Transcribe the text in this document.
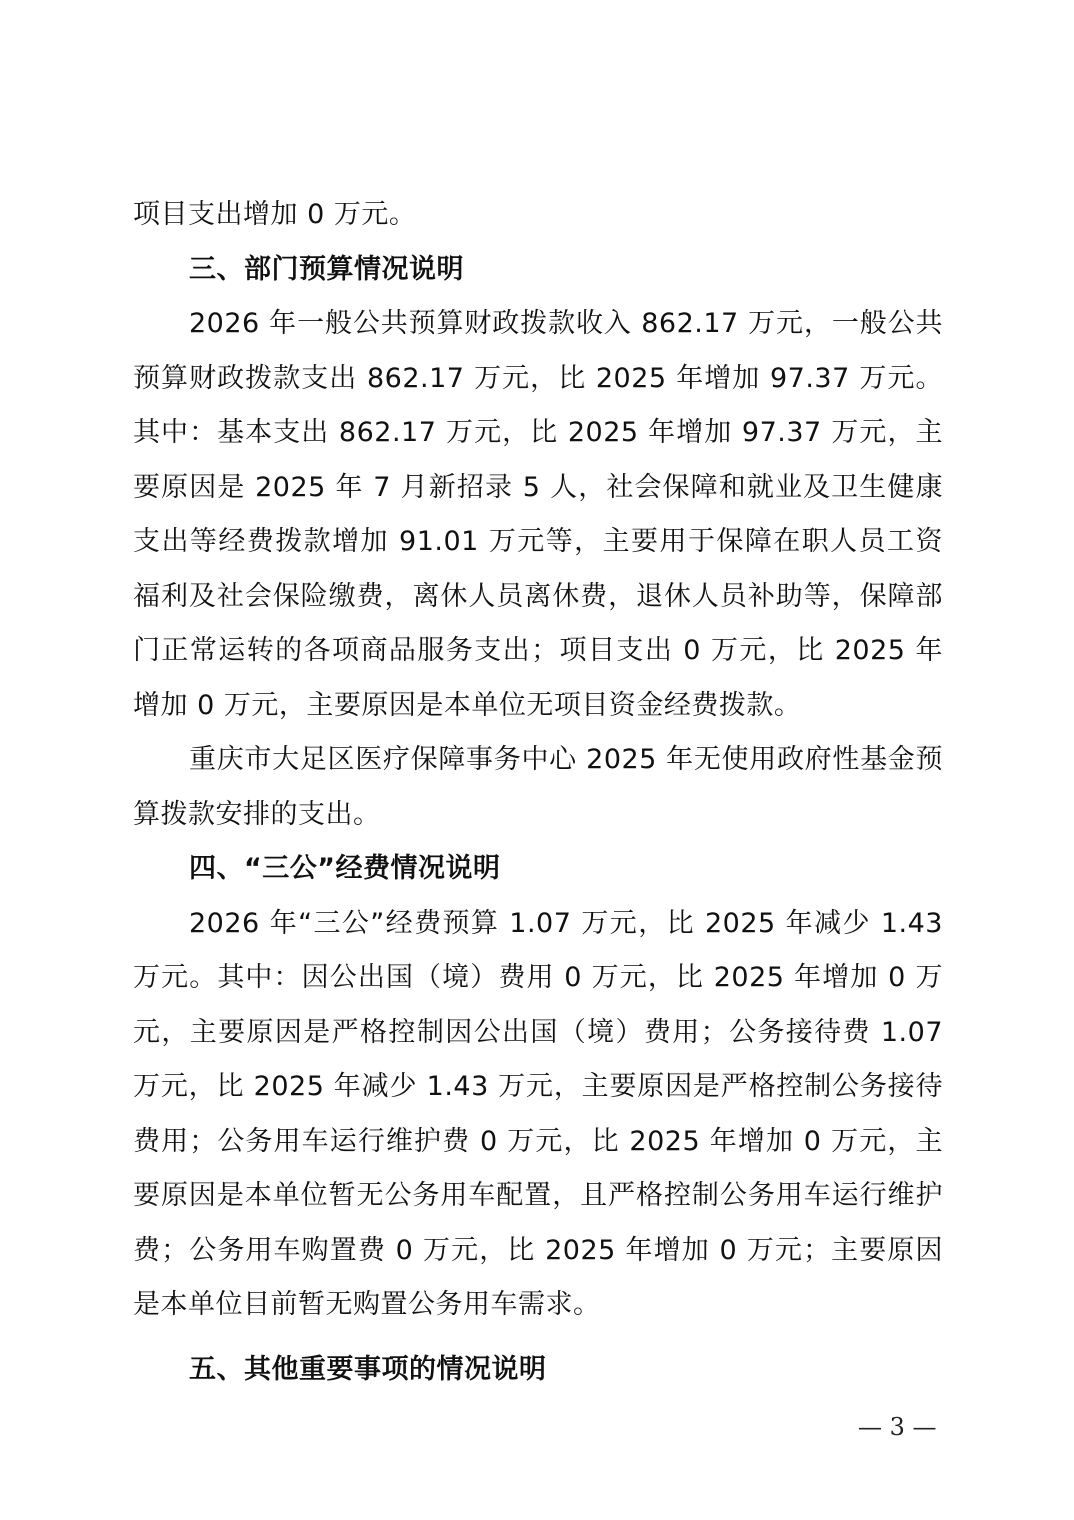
项目支出增加 0 万元。

三、部门预算情况说明

2026 年一般公共预算财政拨款收入 862.17 万元，一般公共预算财政拨款支出 862.17 万元，比 2025 年增加 97.37 万元。其中：基本支出 862.17 万元，比 2025 年增加 97.37 万元，主要原因是 2025 年 7 月新招录 5 人，社会保障和就业及卫生健康支出等经费拨款增加 91.01 万元等，主要用于保障在职人员工资福利及社会保险缴费，离休人员离休费，退休人员补助等，保障部门正常运转的各项商品服务支出；项目支出 0 万元，比 2025 年增加 0 万元，主要原因是本单位无项目资金经费拨款。

重庆市大足区医疗保障事务中心 2025 年无使用政府性基金预算拨款安排的支出。

四、“三公”经费情况说明

2026 年“三公”经费预算 1.07 万元，比 2025 年减少 1.43 万元。其中：因公出国（境）费用 0 万元，比 2025 年增加 0 万元，主要原因是严格控制因公出国（境）费用；公务接待费 1.07 万元，比 2025 年减少 1.43 万元，主要原因是严格控制公务接待费用；公务用车运行维护费 0 万元，比 2025 年增加 0 万元，主要原因是本单位暂无公务用车配置，且严格控制公务用车运行维护费；公务用车购置费 0 万元，比 2025 年增加 0 万元；主要原因是本单位目前暂无购置公务用车需求。

五、其他重要事项的情况说明

— 3 —
